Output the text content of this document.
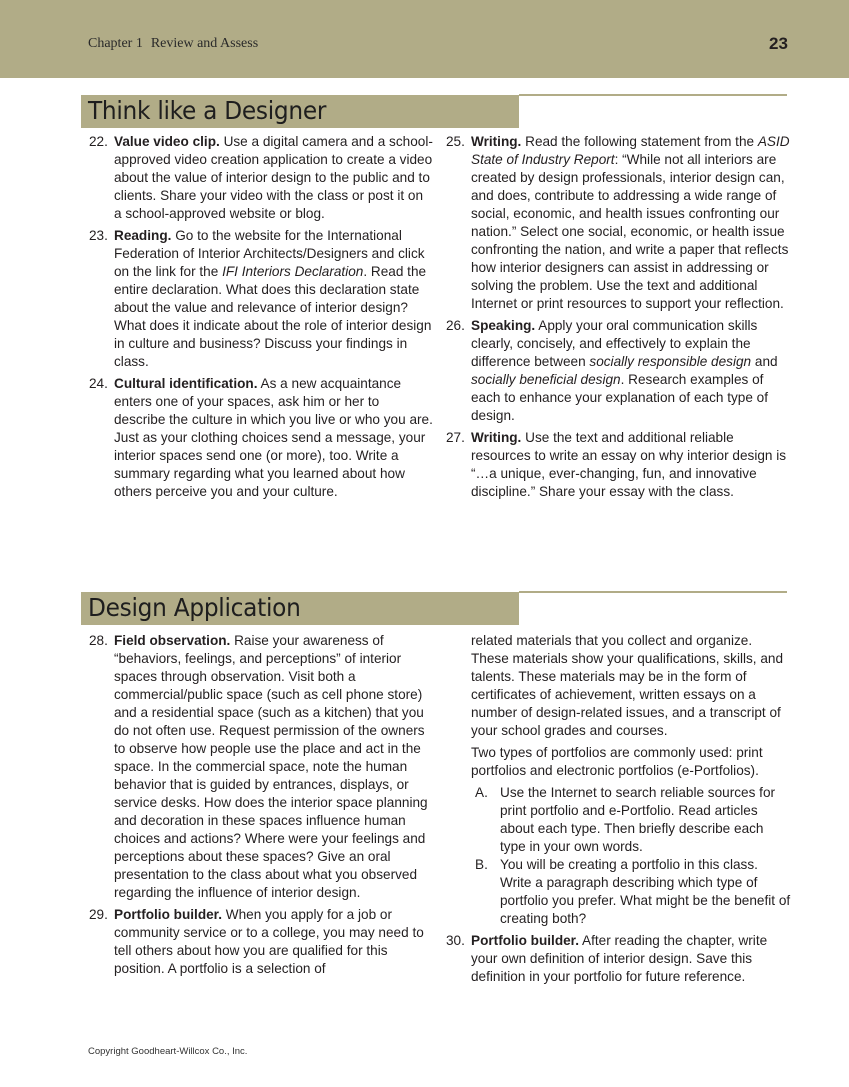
Chapter 1 Review and Assess	23
Think like a Designer
22. Value video clip. Use a digital camera and a school-approved video creation application to create a video about the value of interior design to the public and to clients. Share your video with the class or post it on a school-approved website or blog.
23. Reading. Go to the website for the International Federation of Interior Architects/Designers and click on the link for the IFI Interiors Declaration. Read the entire declaration. What does this declaration state about the value and relevance of interior design? What does it indicate about the role of interior design in culture and business? Discuss your findings in class.
24. Cultural identification. As a new acquaintance enters one of your spaces, ask him or her to describe the culture in which you live or who you are. Just as your clothing choices send a message, your interior spaces send one (or more), too. Write a summary regarding what you learned about how others perceive you and your culture.
25. Writing. Read the following statement from the ASID State of Industry Report: “While not all interiors are created by design professionals, interior design can, and does, contribute to addressing a wide range of social, economic, and health issues confronting our nation.” Select one social, economic, or health issue confronting the nation, and write a paper that reflects how interior designers can assist in addressing or solving the problem. Use the text and additional Internet or print resources to support your reflection.
26. Speaking. Apply your oral communication skills clearly, concisely, and effectively to explain the difference between socially responsible design and socially beneficial design. Research examples of each to enhance your explanation of each type of design.
27. Writing. Use the text and additional reliable resources to write an essay on why interior design is “…a unique, ever-changing, fun, and innovative discipline.” Share your essay with the class.
Design Application
28. Field observation. Raise your awareness of “behaviors, feelings, and perceptions” of interior spaces through observation. Visit both a commercial/public space (such as cell phone store) and a residential space (such as a kitchen) that you do not often use. Request permission of the owners to observe how people use the place and act in the space. In the commercial space, note the human behavior that is guided by entrances, displays, or service desks. How does the interior space planning and decoration in these spaces influence human choices and actions? Where were your feelings and perceptions about these spaces? Give an oral presentation to the class about what you observed regarding the influence of interior design.
29. Portfolio builder. When you apply for a job or community service or to a college, you may need to tell others about how you are qualified for this position. A portfolio is a selection of
related materials that you collect and organize. These materials show your qualifications, skills, and talents. These materials may be in the form of certificates of achievement, written essays on a number of design-related issues, and a transcript of your school grades and courses.
Two types of portfolios are commonly used: print portfolios and electronic portfolios (e-Portfolios).
A. Use the Internet to search reliable sources for print portfolio and e-Portfolio. Read articles about each type. Then briefly describe each type in your own words.
B. You will be creating a portfolio in this class. Write a paragraph describing which type of portfolio you prefer. What might be the benefit of creating both?
30. Portfolio builder. After reading the chapter, write your own definition of interior design. Save this definition in your portfolio for future reference.
Copyright Goodheart-Willcox Co., Inc.
